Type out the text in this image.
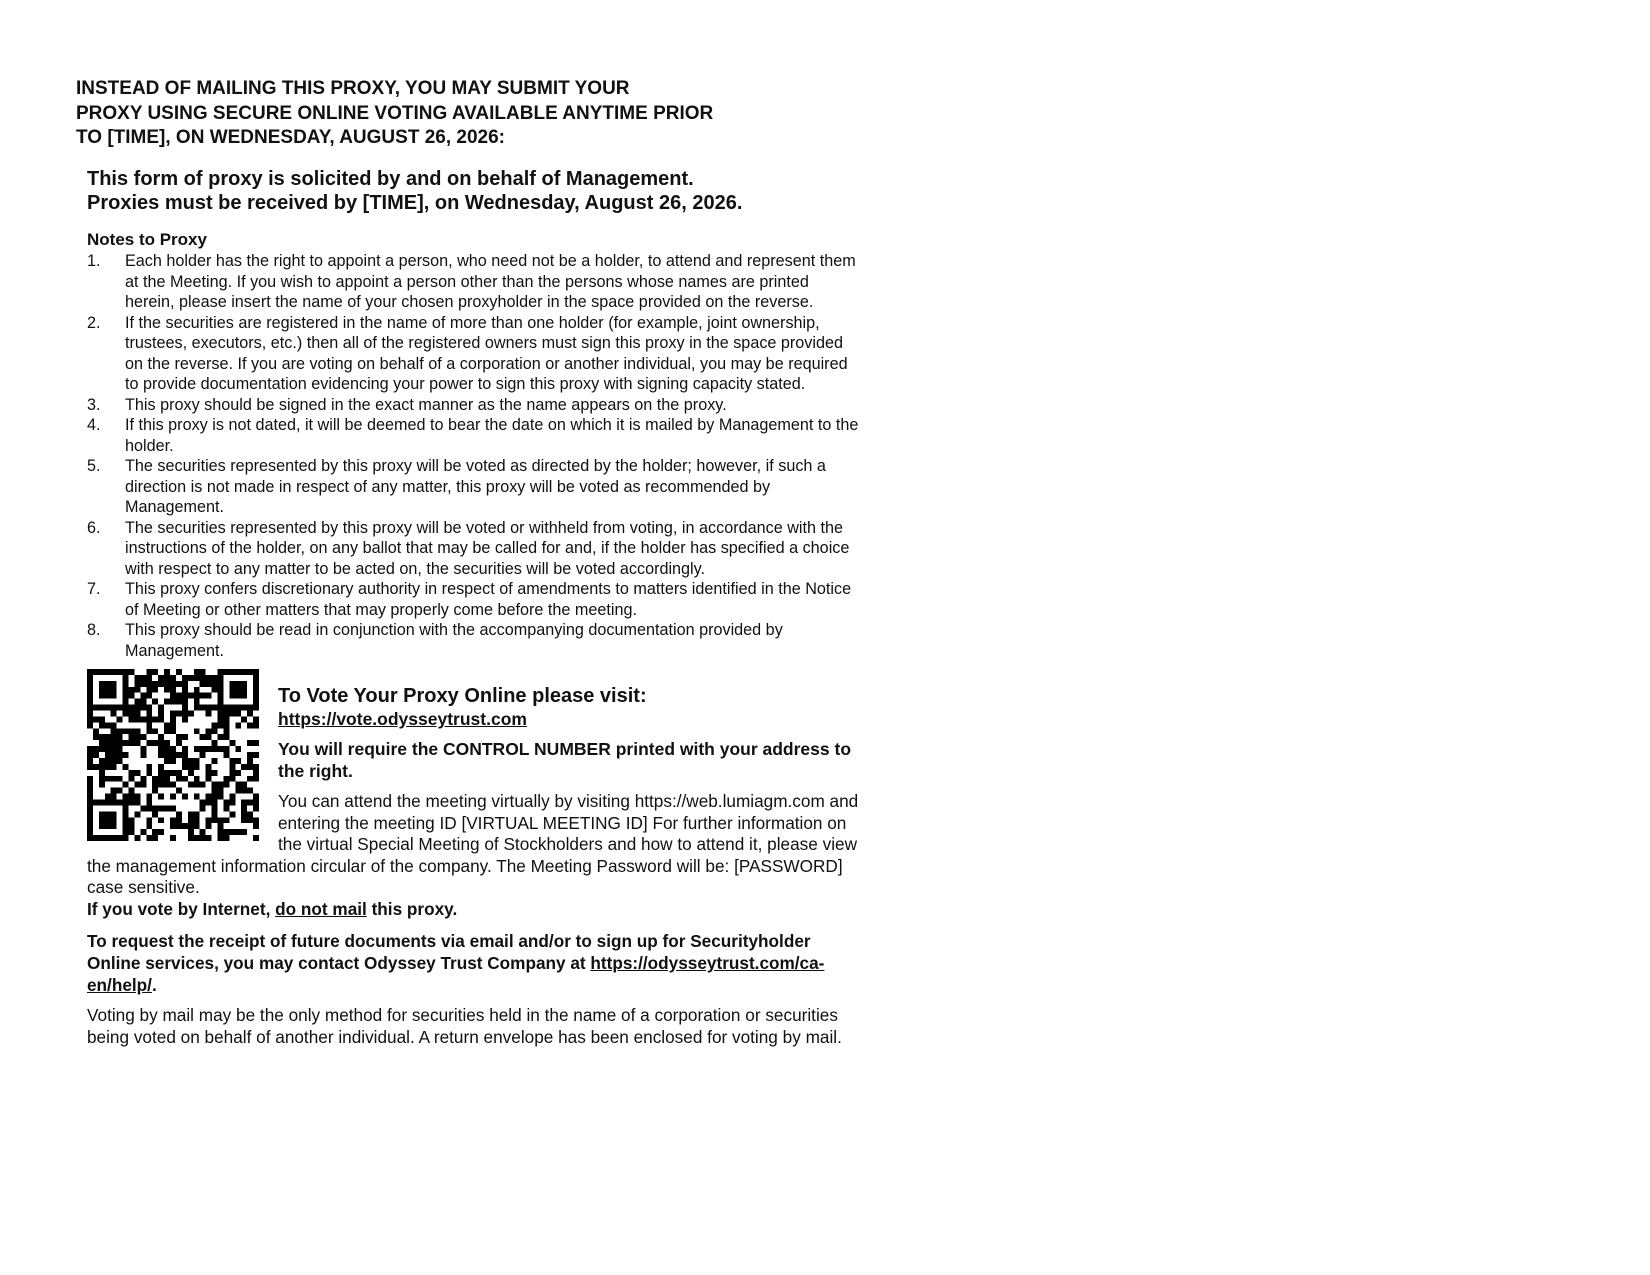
INSTEAD OF MAILING THIS PROXY, YOU MAY SUBMIT YOUR
PROXY USING SECURE ONLINE VOTING AVAILABLE ANYTIME PRIOR
TO [TIME], ON WEDNESDAY, AUGUST 26, 2026:
This form of proxy is solicited by and on behalf of Management.
Proxies must be received by [TIME], on Wednesday, August 26, 2026.
Notes to Proxy
1.	Each holder has the right to appoint a person, who need not be a holder, to attend and represent them at the Meeting. If you wish to appoint a person other than the persons whose names are printed herein, please insert the name of your chosen proxyholder in the space provided on the reverse.
2.	If the securities are registered in the name of more than one holder (for example, joint ownership, trustees, executors, etc.) then all of the registered owners must sign this proxy in the space provided on the reverse. If you are voting on behalf of a corporation or another individual, you may be required to provide documentation evidencing your power to sign this proxy with signing capacity stated.
3.	This proxy should be signed in the exact manner as the name appears on the proxy.
4.	If this proxy is not dated, it will be deemed to bear the date on which it is mailed by Management to the holder.
5.	The securities represented by this proxy will be voted as directed by the holder; however, if such a direction is not made in respect of any matter, this proxy will be voted as recommended by Management.
6.	The securities represented by this proxy will be voted or withheld from voting, in accordance with the instructions of the holder, on any ballot that may be called for and, if the holder has specified a choice with respect to any matter to be acted on, the securities will be voted accordingly.
7.	This proxy confers discretionary authority in respect of amendments to matters identified in the Notice of Meeting or other matters that may properly come before the meeting.
8.	This proxy should be read in conjunction with the accompanying documentation provided by Management.
To Vote Your Proxy Online please visit:
https://vote.odysseytrust.com
You will require the CONTROL NUMBER printed with your address to the right.
You can attend the meeting virtually by visiting https://web.lumiagm.com and entering the meeting ID [VIRTUAL MEETING ID] For further information on the virtual Special Meeting of Stockholders and how to attend it, please view the management information circular of the company. The Meeting Password will be: [PASSWORD] case sensitive.
If you vote by Internet, do not mail this proxy.
To request the receipt of future documents via email and/or to sign up for Securityholder Online services, you may contact Odyssey Trust Company at https://odysseytrust.com/ca-en/help/.
Voting by mail may be the only method for securities held in the name of a corporation or securities being voted on behalf of another individual. A return envelope has been enclosed for voting by mail.
